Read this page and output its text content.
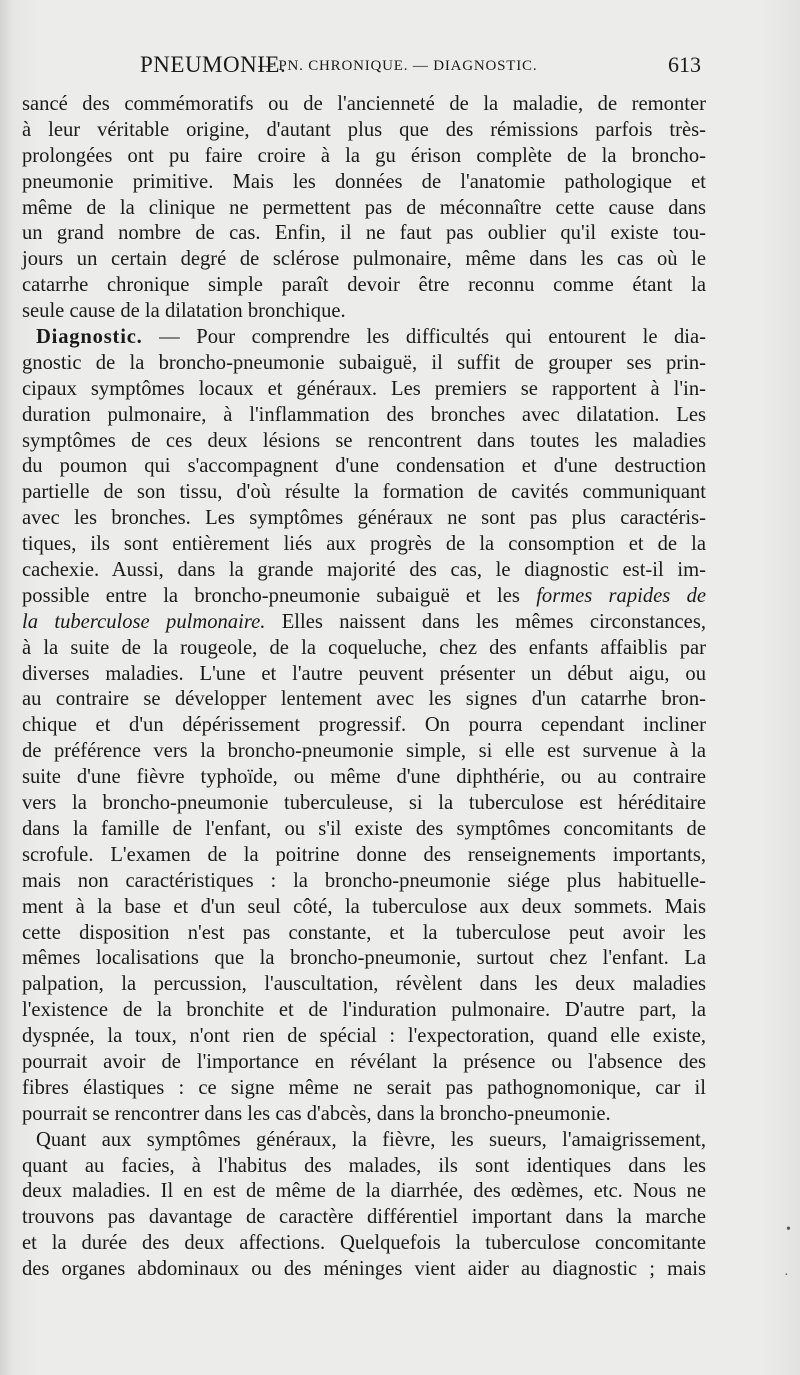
PNEUMONIE.
— PN. CHRONIQUE. — DIAGNOSTIC.	613
sancé des commémoratifs ou de l'ancienneté de la maladie, de remonter
à leur véritable origine, d'autant plus que des rémissions parfois très-
prolongées ont pu faire croire à la gu érison complète de la broncho-
pneumonie primitive. Mais les données de l'anatomie pathologique et
même de la clinique ne permettent pas de méconnaître cette cause dans
un grand nombre de cas. Enfin, il ne faut pas oublier qu'il existe tou-
jours un certain degré de sclérose pulmonaire, même dans les cas où le
catarrhe chronique simple paraît devoir être reconnu comme étant la
seule cause de la dilatation bronchique.
Diagnostic. — Pour comprendre les difficultés qui entourent le dia-
gnostic de la broncho-pneumonie subaiguë, il suffit de grouper ses prin-
cipaux symptômes locaux et généraux. Les premiers se rapportent à l'in-
duration pulmonaire, à l'inflammation des bronches avec dilatation. Les
symptômes de ces deux lésions se rencontrent dans toutes les maladies
du poumon qui s'accompagnent d'une condensation et d'une destruction
partielle de son tissu, d'où résulte la formation de cavités communiquant
avec les bronches. Les symptômes généraux ne sont pas plus caractéris-
tiques, ils sont entièrement liés aux progrès de la consomption et de la
cachexie. Aussi, dans la grande majorité des cas, le diagnostic est-il im-
possible entre la broncho-pneumonie subaiguë et les formes rapides de
la tuberculose pulmonaire. Elles naissent dans les mêmes circonstances,
à la suite de la rougeole, de la coqueluche, chez des enfants affaiblis par
diverses maladies. L'une et l'autre peuvent présenter un début aigu, ou
au contraire se développer lentement avec les signes d'un catarrhe bron-
chique et d'un dépérissement progressif. On pourra cependant incliner
de préférence vers la broncho-pneumonie simple, si elle est survenue à la
suite d'une fièvre typhoïde, ou même d'une diphthérie, ou au contraire
vers la broncho-pneumonie tuberculeuse, si la tuberculose est héréditaire
dans la famille de l'enfant, ou s'il existe des symptômes concomitants de
scrofule. L'examen de la poitrine donne des renseignements importants,
mais non caractéristiques : la broncho-pneumonie siége plus habituelle-
ment à la base et d'un seul côté, la tuberculose aux deux sommets. Mais
cette disposition n'est pas constante, et la tuberculose peut avoir les
mêmes localisations que la broncho-pneumonie, surtout chez l'enfant. La
palpation, la percussion, l'auscultation, révèlent dans les deux maladies
l'existence de la bronchite et de l'induration pulmonaire. D'autre part, la
dyspnée, la toux, n'ont rien de spécial : l'expectoration, quand elle existe,
pourrait avoir de l'importance en révélant la présence ou l'absence des
fibres élastiques : ce signe même ne serait pas pathognomonique, car il
pourrait se rencontrer dans les cas d'abcès, dans la broncho-pneumonie.
Quant aux symptômes généraux, la fièvre, les sueurs, l'amaigrissement,
quant au facies, à l'habitus des malades, ils sont identiques dans les
deux maladies. Il en est de même de la diarrhée, des œdèmes, etc. Nous ne
trouvons pas davantage de caractère différentiel important dans la marche
et la durée des deux affections. Quelquefois la tuberculose concomitante
des organes abdominaux ou des méninges vient aider au diagnostic ; mais
•
·
